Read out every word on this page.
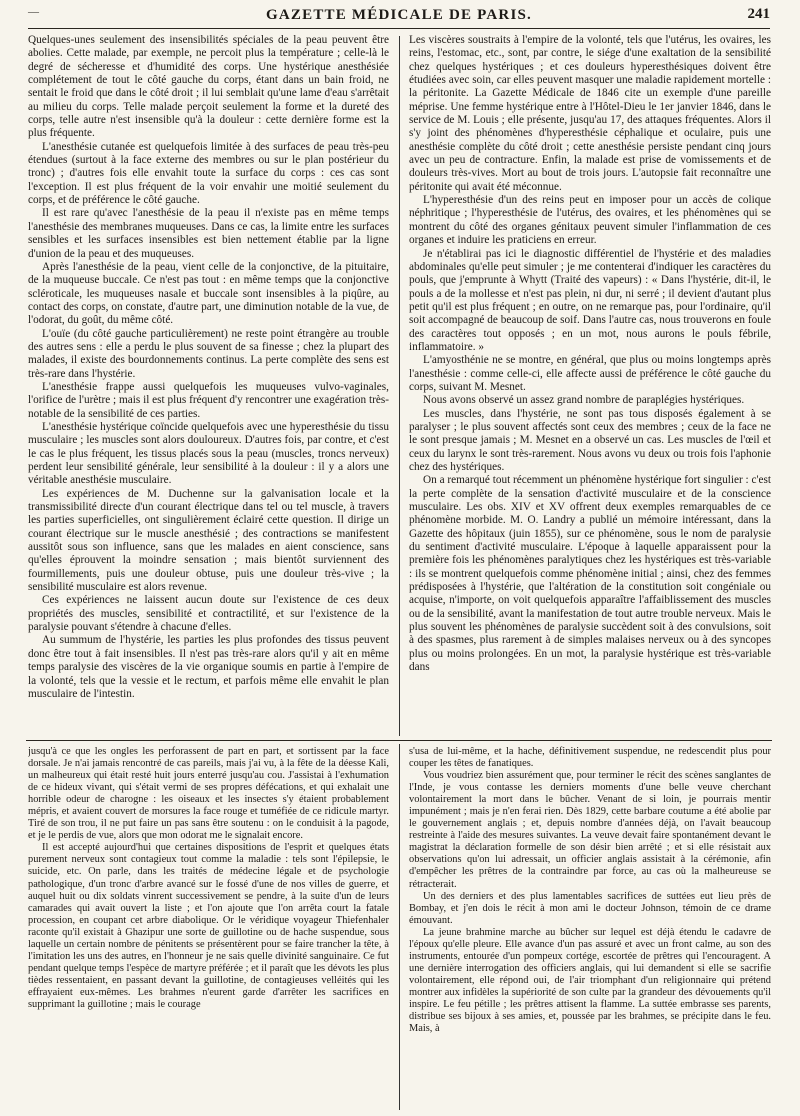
—	GAZETTE MÉDICALE DE PARIS.	241

Quelques-unes seulement des insensibilités spéciales de la peau peuvent être abolies. Cette malade, par exemple, ne percoit plus la température ; celle-là le degré de sécheresse et d'humidité des corps. Une hystérique anesthésiée complétement de tout le côté gauche du corps, étant dans un bain froid, ne sentait le froid que dans le côté droit ; il lui semblait qu'une lame d'eau s'arrêtait au milieu du corps. Telle malade perçoit seulement la forme et la dureté des corps, telle autre n'est insensible qu'à la douleur : cette dernière forme est la plus fréquente.

L'anesthésie cutanée est quelquefois limitée à des surfaces de peau très-peu étendues (surtout à la face externe des membres ou sur le plan postérieur du tronc) ; d'autres fois elle envahit toute la surface du corps : ces cas sont l'exception. Il est plus fréquent de la voir envahir une moitié seulement du corps, et de préférence le côté gauche.

Il est rare qu'avec l'anesthésie de la peau il n'existe pas en même temps l'anesthésie des membranes muqueuses. Dans ce cas, la limite entre les surfaces sensibles et les surfaces insensibles est bien nettement établie par la ligne d'union de la peau et des muqueuses.

Après l'anesthésie de la peau, vient celle de la conjonctive, de la pituitaire, de la muqueuse buccale. Ce n'est pas tout : en même temps que la conjonctive scléroticale, les muqueuses nasale et buccale sont insensibles à la piqûre, au contact des corps, on constate, d'autre part, une diminution notable de la vue, de l'odorat, du goût, du même côté.

L'ouïe (du côté gauche particulièrement) ne reste point étrangère au trouble des autres sens : elle a perdu le plus souvent de sa finesse ; chez la plupart des malades, il existe des bourdonnements continus. La perte complète des sens est très-rare dans l'hystérie.

L'anesthésie frappe aussi quelquefois les muqueuses vulvo-vaginales, l'orifice de l'urètre ; mais il est plus fréquent d'y rencontrer une exagération très-notable de la sensibilité de ces parties.

L'anesthésie hystérique coïncide quelquefois avec une hyperesthésie du tissu musculaire ; les muscles sont alors douloureux. D'autres fois, par contre, et c'est le cas le plus fréquent, les tissus placés sous la peau (muscles, troncs nerveux) perdent leur sensibilité générale, leur sensibilité à la douleur : il y a alors une véritable anesthésie musculaire.

Les expériences de M. Duchenne sur la galvanisation locale et la transmissibilité directe d'un courant électrique dans tel ou tel muscle, à travers les parties superficielles, ont singulièrement éclairé cette question. Il dirige un courant électrique sur le muscle anesthésié ; des contractions se manifestent aussitôt sous son influence, sans que les malades en aient conscience, sans qu'elles éprouvent la moindre sensation ; mais bientôt surviennent des fourmillements, puis une douleur obtuse, puis une douleur très-vive ; la sensibilité musculaire est alors revenue.

Ces expériences ne laissent aucun doute sur l'existence de ces deux propriétés des muscles, sensibilité et contractilité, et sur l'existence de la paralysie pouvant s'étendre à chacune d'elles.

Au summum de l'hystérie, les parties les plus profondes des tissus peuvent donc être tout à fait insensibles. Il n'est pas très-rare alors qu'il y ait en même temps paralysie des viscères de la vie organique soumis en partie à l'empire de la volonté, tels que la vessie et le rectum, et parfois même elle envahit le plan musculaire de l'intestin.

Les viscères soustraits à l'empire de la volonté, tels que l'utérus, les ovaires, les reins, l'estomac, etc., sont, par contre, le siége d'une exaltation de la sensibilité chez quelques hystériques ; et ces douleurs hyperesthésiques doivent être étudiées avec soin, car elles peuvent masquer une maladie rapidement mortelle : la péritonite. La Gazette Médicale de 1846 cite un exemple d'une pareille méprise. Une femme hystérique entre à l'Hôtel-Dieu le 1er janvier 1846, dans le service de M. Louis ; elle présente, jusqu'au 17, des attaques fréquentes. Alors il s'y joint des phénomènes d'hyperesthésie céphalique et oculaire, puis une anesthésie complète du côté droit ; cette anesthésie persiste pendant cinq jours avec un peu de contracture. Enfin, la malade est prise de vomissements et de douleurs très-vives. Mort au bout de trois jours. L'autopsie fait reconnaître une péritonite qui avait été méconnue.

L'hyperesthésie d'un des reins peut en imposer pour un accès de colique néphritique ; l'hyperesthésie de l'utérus, des ovaires, et les phénomènes qui se montrent du côté des organes génitaux peuvent simuler l'inflammation de ces organes et induire les praticiens en erreur.

Je n'établirai pas ici le diagnostic différentiel de l'hystérie et des maladies abdominales qu'elle peut simuler ; je me contenterai d'indiquer les caractères du pouls, que j'emprunte à Whytt (Traité des vapeurs) : « Dans l'hystérie, dit-il, le pouls a de la mollesse et n'est pas plein, ni dur, ni serré ; il devient d'autant plus petit qu'il est plus fréquent ; en outre, on ne remarque pas, pour l'ordinaire, qu'il soit accompagné de beaucoup de soif. Dans l'autre cas, nous trouverons en foule des caractères tout opposés ; en un mot, nous aurons le pouls fébrile, inflammatoire. »

L'amyosthénie ne se montre, en général, que plus ou moins longtemps après l'anesthésie : comme celle-ci, elle affecte aussi de préférence le côté gauche du corps, suivant M. Mesnet.

Nous avons observé un assez grand nombre de paraplégies hystériques.

Les muscles, dans l'hystérie, ne sont pas tous disposés également à se paralyser ; le plus souvent affectés sont ceux des membres ; ceux de la face ne le sont presque jamais ; M. Mesnet en a observé un cas. Les muscles de l'œil et ceux du larynx le sont très-rarement. Nous avons vu deux ou trois fois l'aphonie chez des hystériques.

On a remarqué tout récemment un phénomène hystérique fort singulier : c'est la perte complète de la sensation d'activité musculaire et de la conscience musculaire. Les obs. XIV et XV offrent deux exemples remarquables de ce phénomène morbide. M. O. Landry a publié un mémoire intéressant, dans la Gazette des hôpitaux (juin 1855), sur ce phénomène, sous le nom de paralysie du sentiment d'activité musculaire. L'époque à laquelle apparaissent pour la première fois les phénomènes paralytiques chez les hystériques est très-variable : ils se montrent quelquefois comme phénomène initial ; ainsi, chez des femmes prédisposées à l'hystérie, que l'altération de la constitution soit congéniale ou acquise, n'importe, on voit quelquefois apparaître l'affaiblissement des muscles ou de la sensibilité, avant la manifestation de tout autre trouble nerveux. Mais le plus souvent les phénomènes de paralysie succèdent soit à des convulsions, soit à des spasmes, plus rarement à de simples malaises nerveux ou à des syncopes plus ou moins prolongées. En un mot, la paralysie hystérique est très-variable dans

jusqu'à ce que les ongles les perforassent de part en part, et sortissent par la face dorsale. Je n'ai jamais rencontré de cas pareils, mais j'ai vu, à la fête de la déesse Kali, un malheureux qui était resté huit jours enterré jusqu'au cou. J'assistai à l'exhumation de ce hideux vivant, qui s'était vermi de ses propres défécations, et qui exhalait une horrible odeur de charogne : les oiseaux et les insectes s'y étaient probablement mépris, et avaient couvert de morsures la face rouge et tuméfiée de ce ridicule martyr. Tiré de son trou, il ne put faire un pas sans être soutenu : on le conduisit à la pagode, et je le perdis de vue, alors que mon odorat me le signalait encore.

Il est accepté aujourd'hui que certaines dispositions de l'esprit et quelques états purement nerveux sont contagieux tout comme la maladie : tels sont l'épilepsie, le suicide, etc. On parle, dans les traités de médecine légale et de psychologie pathologique, d'un tronc d'arbre avancé sur le fossé d'une de nos villes de guerre, et auquel huit ou dix soldats vinrent successivement se pendre, à la suite d'un de leurs camarades qui avait ouvert la liste ; et l'on ajoute que l'on arrêta court la fatale procession, en coupant cet arbre diabolique. Or le véridique voyageur Thiefenhaler raconte qu'il existait à Ghazipur une sorte de guillotine ou de hache suspendue, sous laquelle un certain nombre de pénitents se présentèrent pour se faire trancher la tête, à l'imitation les uns des autres, en l'honneur je ne sais quelle divinité sanguinaire. Ce fut pendant quelque temps l'espèce de martyre préférée ; et il paraît que les dévots les plus tièdes ressentaient, en passant devant la guillotine, de contagieuses velléités qui les effrayaient eux-mêmes. Les brahmes n'eurent garde d'arrêter les sacrifices en supprimant la guillotine ; mais le courage

s'usa de lui-même, et la hache, définitivement suspendue, ne redescendit plus pour couper les têtes de fanatiques.

Vous voudriez bien assurément que, pour terminer le récit des scènes sanglantes de l'Inde, je vous contasse les derniers moments d'une belle veuve cherchant volontairement la mort dans le bûcher. Venant de si loin, je pourrais mentir impunément ; mais je n'en ferai rien. Dès 1829, cette barbare coutume a été abolie par le gouvernement anglais ; et, depuis nombre d'années déjà, on l'avait beaucoup restreinte à l'aide des mesures suivantes. La veuve devait faire spontanément devant le magistrat la déclaration formelle de son désir bien arrêté ; et si elle résistait aux observations qu'on lui adressait, un officier anglais assistait à la cérémonie, afin d'empêcher les prêtres de la contraindre par force, au cas où la malheureuse se rétracterait.

Un des derniers et des plus lamentables sacrifices de suttées eut lieu près de Bombay, et j'en dois le récit à mon ami le docteur Johnson, témoin de ce drame émouvant.

La jeune brahmine marche au bûcher sur lequel est déjà étendu le cadavre de l'époux qu'elle pleure. Elle avance d'un pas assuré et avec un front calme, au son des instruments, entourée d'un pompeux cortége, escortée de prêtres qui l'encouragent. A une dernière interrogation des officiers anglais, qui lui demandent si elle se sacrifie volontairement, elle répond oui, de l'air triomphant d'un religionnaire qui prétend montrer aux infidèles la supériorité de son culte par la grandeur des dévouements qu'il inspire. Le feu pétille ; les prêtres attisent la flamme. La suttée embrasse ses parents, distribue ses bijoux à ses amies, et, poussée par les brahmes, se précipite dans le feu. Mais, à
